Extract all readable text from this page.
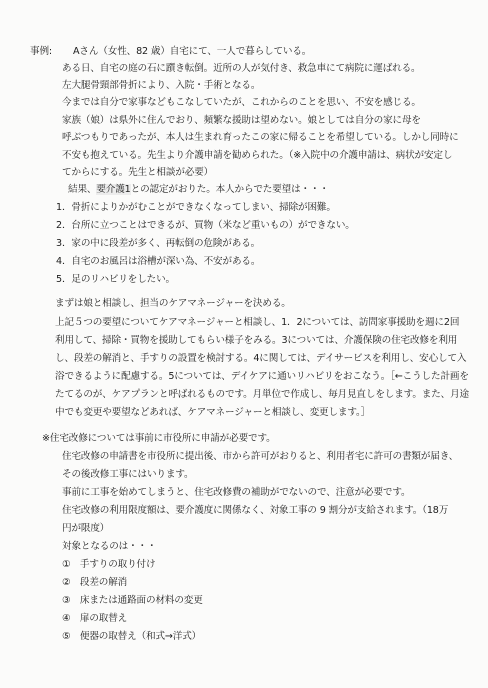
事例: Aさん（女性、82 歳）自宅にて、一人で暮らしている。
ある日、自宅の庭の石に躓き転倒。近所の人が気付き、救急車にて病院に運ばれる。
左大腿骨頸部骨折により、入院・手術となる。
今までは自分で家事などもこなしていたが、これからのことを思い、不安を感じる。
家族（娘）は県外に住んでおり、頻繁な援助は望めない。娘としては自分の家に母を
呼ぶつもりであったが、本人は生まれ育ったこの家に帰ることを希望している。しかし同時に
不安も抱えている。先生より介護申請を勧められた。（※入院中の介護申請は、病状が安定し
てからにする。先生と相談が必要）
結果、要介護1との認定がおりた。本人からでた要望は・・・
1．骨折によりかがむことができなくなってしまい、掃除が困難。
2．台所に立つことはできるが、買物（米など重いもの）ができない。
3．家の中に段差が多く、再転倒の危険がある。
4．自宅のお風呂は浴槽が深い為、不安がある。
5．足のリハビリをしたい。
まずは娘と相談し、担当のケアマネージャーを決める。
上記５つの要望についてケアマネージャーと相談し、1．2については、訪問家事援助を週に2回
利用して、掃除・買物を援助してもらい様子をみる。3については、介護保険の住宅改修を利用
し、段差の解消と、手すりの設置を検討する。4に関しては、デイサービスを利用し、安心して入
浴できるように配慮する。5については、デイケアに通いリハビリをおこなう。［←こうした計画を
たてるのが、ケアプランと呼ばれるものです。月単位で作成し、毎月見直しをします。また、月途
中でも変更や要望などあれば、ケアマネージャーと相談し、変更します。］
※住宅改修については事前に市役所に申請が必要です。
住宅改修の申請書を市役所に提出後、市から許可がおりると、利用者宅に許可の書類が届き、
その後改修工事にはいります。
事前に工事を始めてしまうと、住宅改修費の補助がでないので、注意が必要です。
住宅改修の利用限度額は、要介護度に関係なく、対象工事の 9 割分が支給されます。（18万
円が限度）
対象となるのは・・・
①　手すりの取り付け
②　段差の解消
③　床または通路面の材料の変更
④　扉の取替え
⑤　便器の取替え（和式→洋式）
